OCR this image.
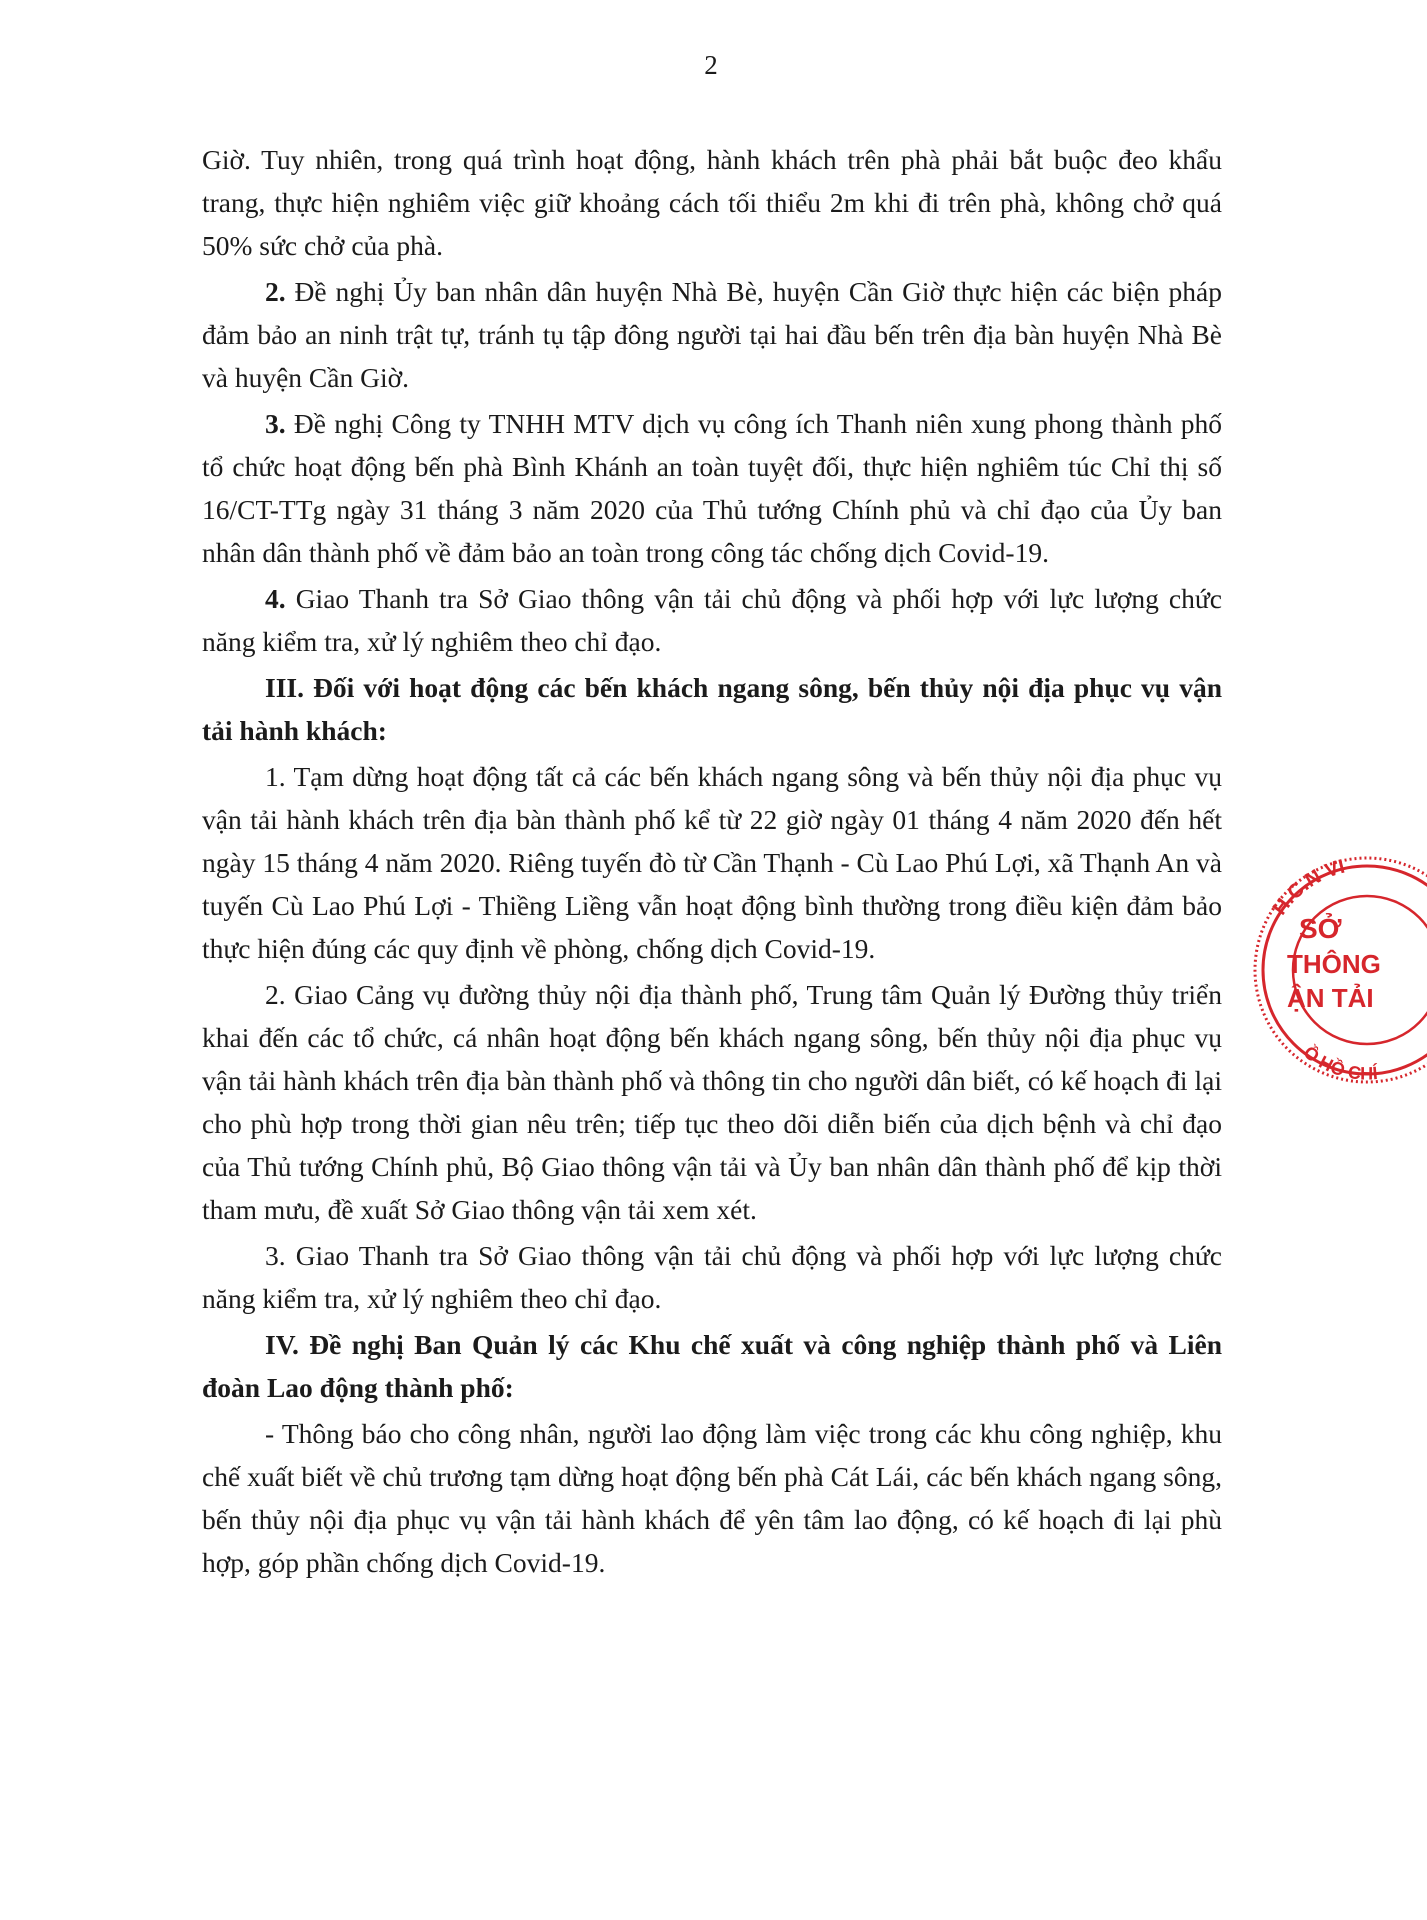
2

Giờ. Tuy nhiên, trong quá trình hoạt động, hành khách trên phà phải bắt buộc đeo khẩu trang, thực hiện nghiêm việc giữ khoảng cách tối thiểu 2m khi đi trên phà, không chở quá 50% sức chở của phà.

2. Đề nghị Ủy ban nhân dân huyện Nhà Bè, huyện Cần Giờ thực hiện các biện pháp đảm bảo an ninh trật tự, tránh tụ tập đông người tại hai đầu bến trên địa bàn huyện Nhà Bè và huyện Cần Giờ.

3. Đề nghị Công ty TNHH MTV dịch vụ công ích Thanh niên xung phong thành phố tổ chức hoạt động bến phà Bình Khánh an toàn tuyệt đối, thực hiện nghiêm túc Chỉ thị số 16/CT-TTg ngày 31 tháng 3 năm 2020 của Thủ tướng Chính phủ và chỉ đạo của Ủy ban nhân dân thành phố về đảm bảo an toàn trong công tác chống dịch Covid-19.

4. Giao Thanh tra Sở Giao thông vận tải chủ động và phối hợp với lực lượng chức năng kiểm tra, xử lý nghiêm theo chỉ đạo.

III. Đối với hoạt động các bến khách ngang sông, bến thủy nội địa phục vụ vận tải hành khách:

1. Tạm dừng hoạt động tất cả các bến khách ngang sông và bến thủy nội địa phục vụ vận tải hành khách trên địa bàn thành phố kể từ 22 giờ ngày 01 tháng 4 năm 2020 đến hết ngày 15 tháng 4 năm 2020. Riêng tuyến đò từ Cần Thạnh - Cù Lao Phú Lợi, xã Thạnh An và tuyến Cù Lao Phú Lợi - Thiềng Liềng vẫn hoạt động bình thường trong điều kiện đảm bảo thực hiện đúng các quy định về phòng, chống dịch Covid-19.

2. Giao Cảng vụ đường thủy nội địa thành phố, Trung tâm Quản lý Đường thủy triển khai đến các tổ chức, cá nhân hoạt động bến khách ngang sông, bến thủy nội địa phục vụ vận tải hành khách trên địa bàn thành phố và thông tin cho người dân biết, có kế hoạch đi lại cho phù hợp trong thời gian nêu trên; tiếp tục theo dõi diễn biến của dịch bệnh và chỉ đạo của Thủ tướng Chính phủ, Bộ Giao thông vận tải và Ủy ban nhân dân thành phố để kịp thời tham mưu, đề xuất Sở Giao thông vận tải xem xét.

3. Giao Thanh tra Sở Giao thông vận tải chủ động và phối hợp với lực lượng chức năng kiểm tra, xử lý nghiêm theo chỉ đạo.

IV. Đề nghị Ban Quản lý các Khu chế xuất và công nghiệp thành phố và Liên đoàn Lao động thành phố:

- Thông báo cho công nhân, người lao động làm việc trong các khu công nghiệp, khu chế xuất biết về chủ trương tạm dừng hoạt động bến phà Cát Lái, các bến khách ngang sông, bến thủy nội địa phục vụ vận tải hành khách để yên tâm lao động, có kế hoạch đi lại phù hợp, góp phần chống dịch Covid-19.

H.C.N VI
Ồ HỒ CHÍ
SỞ
THÔNG
ẬN TẢI
